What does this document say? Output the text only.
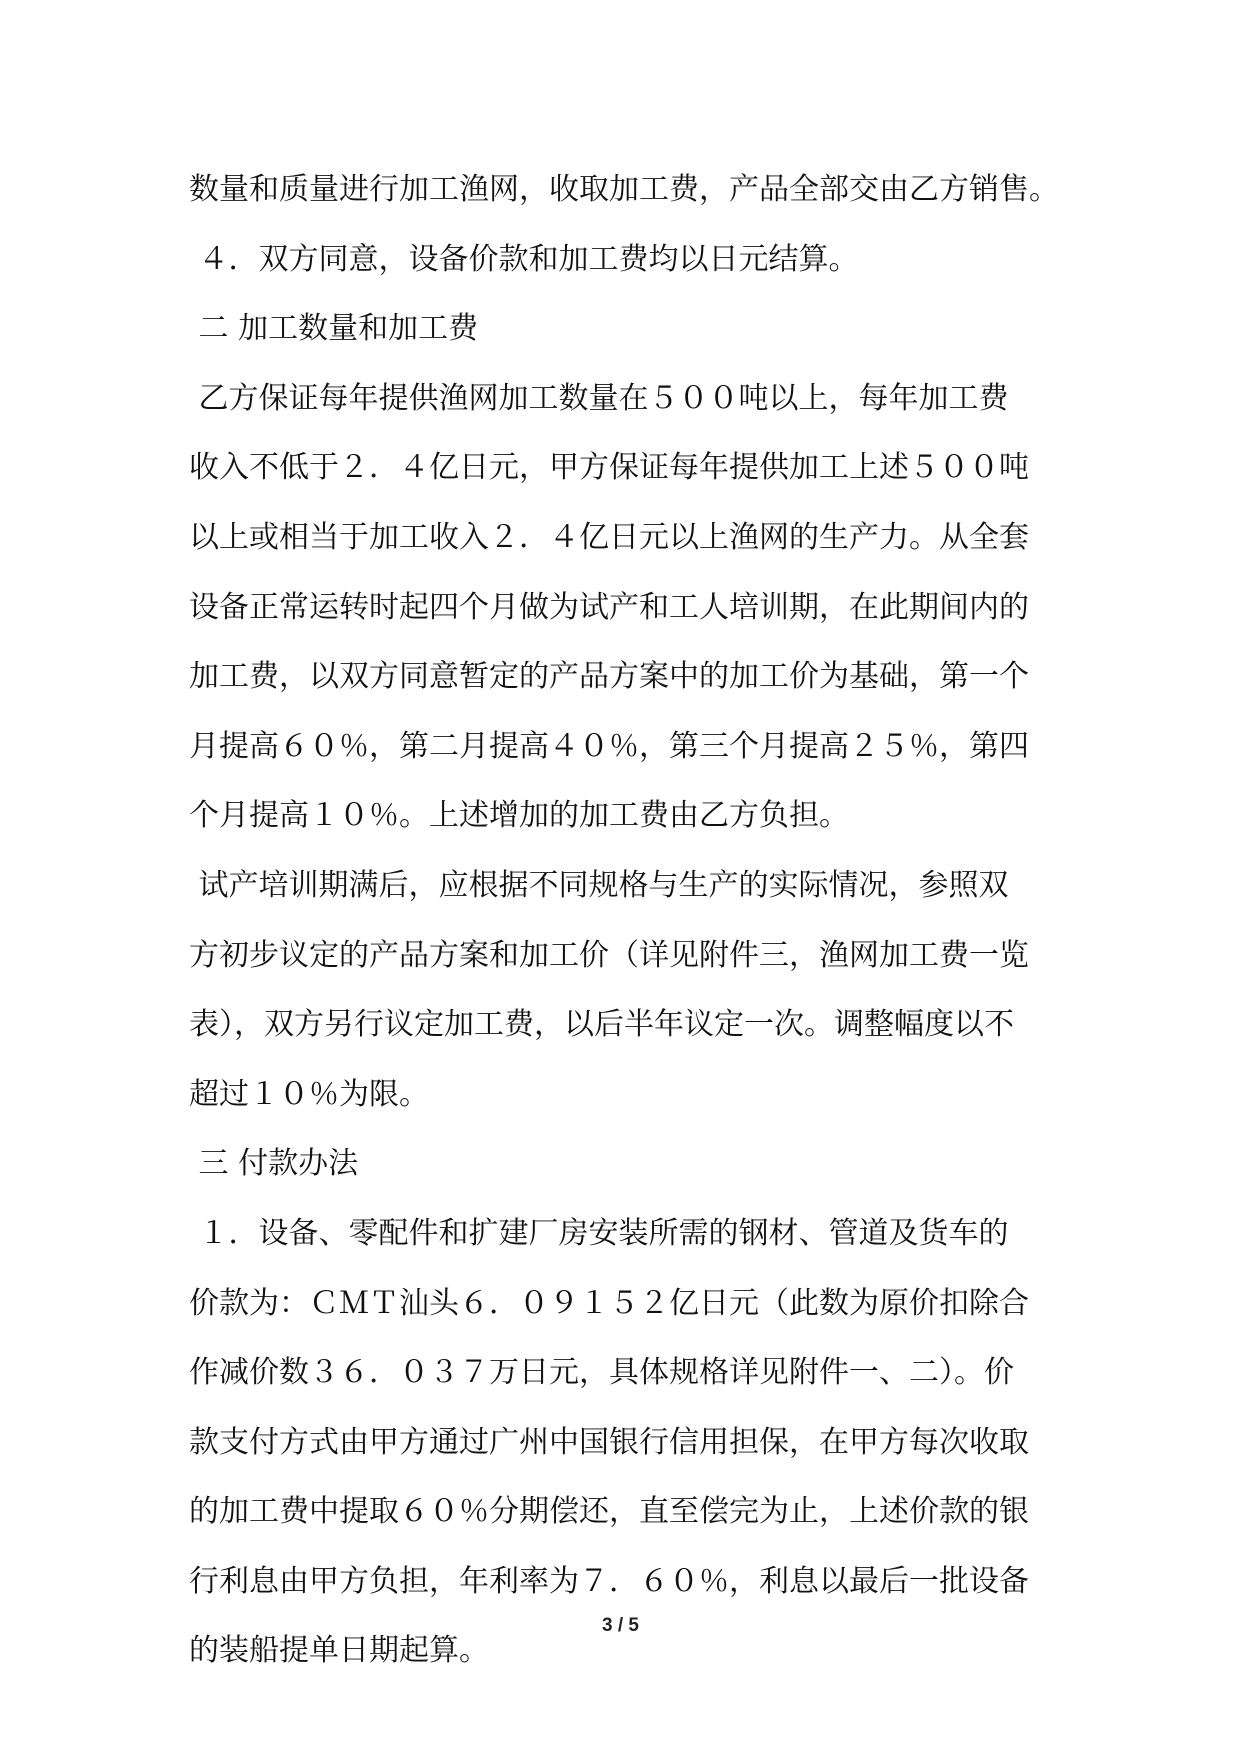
数量和质量进行加工渔网，收取加工费，产品全部交由乙方销售。
４．双方同意，设备价款和加工费均以日元结算。
二 加工数量和加工费
乙方保证每年提供渔网加工数量在５００吨以上，每年加工费
收入不低于２．４亿日元，甲方保证每年提供加工上述５００吨
以上或相当于加工收入２．４亿日元以上渔网的生产力。从全套
设备正常运转时起四个月做为试产和工人培训期，在此期间内的
加工费，以双方同意暂定的产品方案中的加工价为基础，第一个
月提高６０％，第二月提高４０％，第三个月提高２５％，第四
个月提高１０％。上述增加的加工费由乙方负担。
试产培训期满后，应根据不同规格与生产的实际情况，参照双
方初步议定的产品方案和加工价（详见附件三，渔网加工费一览
表），双方另行议定加工费，以后半年议定一次。调整幅度以不
超过１０％为限。
三 付款办法
１．设备、零配件和扩建厂房安装所需的钢材、管道及货车的
价款为：ＣＭＴ汕头６．０９１５２亿日元（此数为原价扣除合
作减价数３６．０３７万日元，具体规格详见附件一、二）。价
款支付方式由甲方通过广州中国银行信用担保，在甲方每次收取
的加工费中提取６０％分期偿还，直至偿完为止，上述价款的银
行利息由甲方负担，年利率为７．６０％，利息以最后一批设备
的装船提单日期起算。
3 / 5
